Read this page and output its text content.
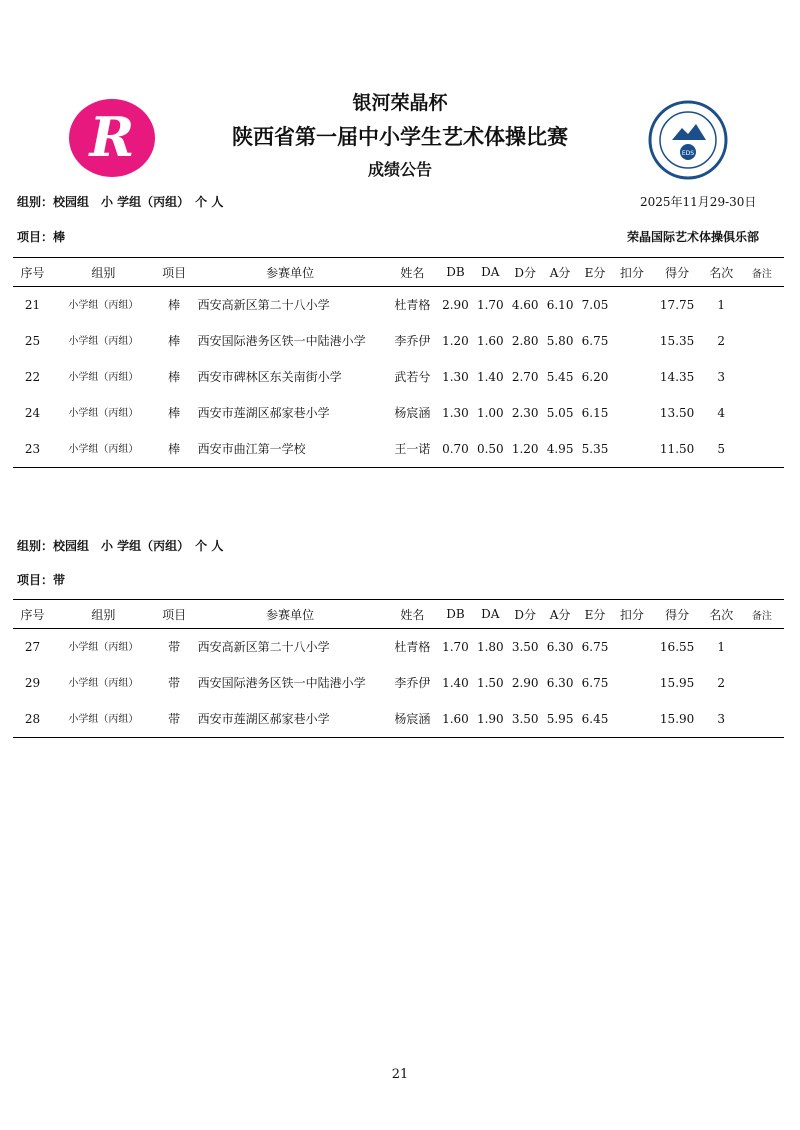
R	EDS
银河荣晶杯
陕西省第一届中小学生艺术体操比赛
成绩公告
组别：校园组　小 学组（丙组）　个 人	2025年11月29-30日
项目：棒	荣晶国际艺术体操俱乐部
序号	组别	项目	参赛单位	姓名	DB	DA	D分	A分	E分	扣分	得分	名次	备注
21	小学组（丙组）	棒	西安高新区第二十八小学	杜青格	2.90	1.70	4.60	6.10	7.05		17.75	1	
25	小学组（丙组）	棒	西安国际港务区铁一中陆港小学	李乔伊	1.20	1.60	2.80	5.80	6.75		15.35	2	
22	小学组（丙组）	棒	西安市碑林区东关南街小学	武若兮	1.30	1.40	2.70	5.45	6.20		14.35	3	
24	小学组（丙组）	棒	西安市莲湖区郝家巷小学	杨宸涵	1.30	1.00	2.30	5.05	6.15		13.50	4	
23	小学组（丙组）	棒	西安市曲江第一学校	王一诺	0.70	0.50	1.20	4.95	5.35		11.50	5	
组别：校园组　小 学组（丙组）　个 人
项目：带
序号	组别	项目	参赛单位	姓名	DB	DA	D分	A分	E分	扣分	得分	名次	备注
27	小学组（丙组）	带	西安高新区第二十八小学	杜青格	1.70	1.80	3.50	6.30	6.75		16.55	1	
29	小学组（丙组）	带	西安国际港务区铁一中陆港小学	李乔伊	1.40	1.50	2.90	6.30	6.75		15.95	2	
28	小学组（丙组）	带	西安市莲湖区郝家巷小学	杨宸涵	1.60	1.90	3.50	5.95	6.45		15.90	3	
21
